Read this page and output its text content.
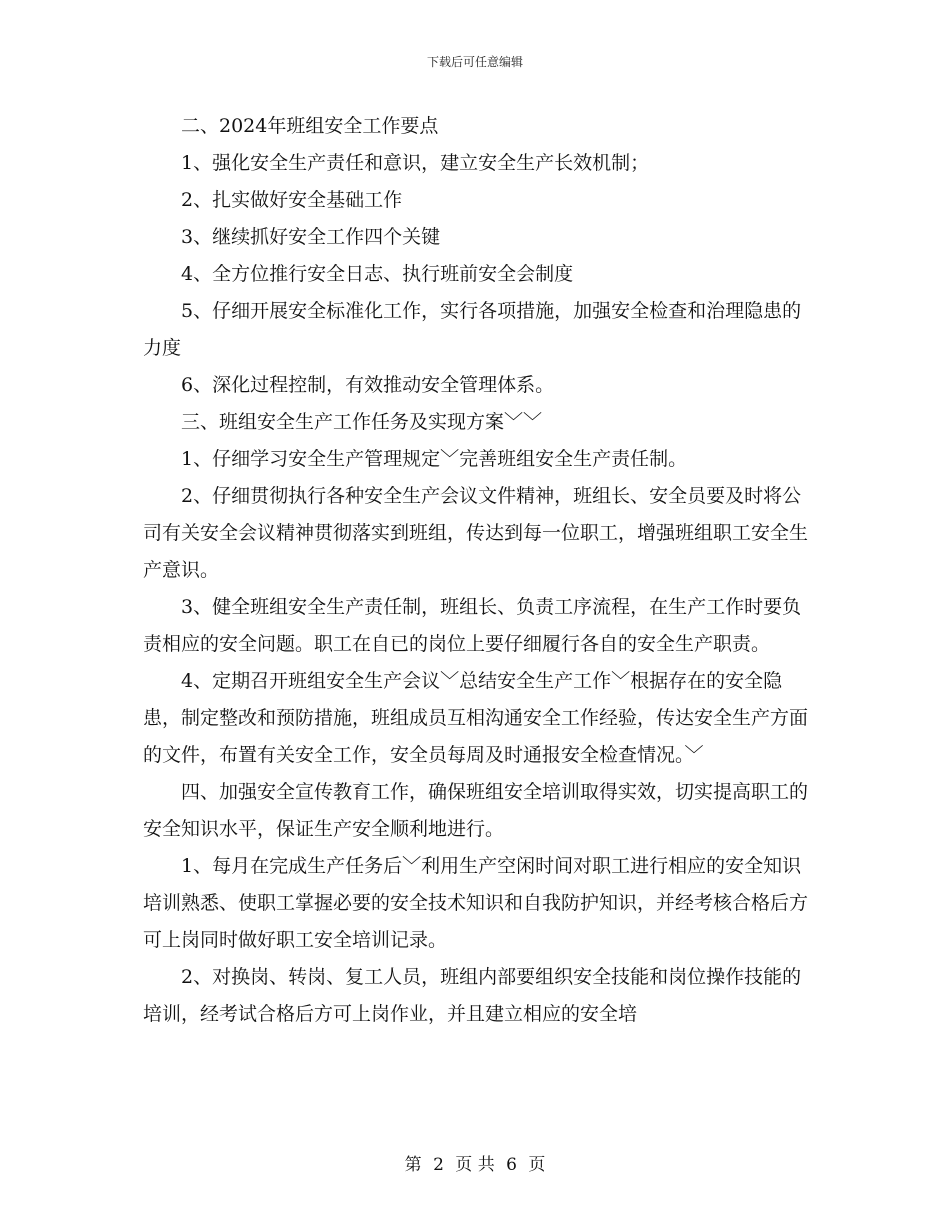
下载后可任意编辑

二、2024年班组安全工作要点

1、强化安全生产责任和意识，建立安全生产长效机制；

2、扎实做好安全基础工作

3、继续抓好安全工作四个关键

4、全方位推行安全日志、执行班前安全会制度

5、仔细开展安全标准化工作，实行各项措施，加强安全检查和治理隐患的力度

6、深化过程控制，有效推动安全管理体系。

三、班组安全生产工作任务及实现方案﹀﹀

1、仔细学习安全生产管理规定﹀完善班组安全生产责任制。

2、仔细贯彻执行各种安全生产会议文件精神，班组长、安全员要及时将公司有关安全会议精神贯彻落实到班组，传达到每一位职工，增强班组职工安全生产意识。

3、健全班组安全生产责任制，班组长、负责工序流程，在生产工作时要负责相应的安全问题。职工在自已的岗位上要仔细履行各自的安全生产职责。

4、定期召开班组安全生产会议﹀总结安全生产工作﹀根据存在的安全隐患，制定整改和预防措施，班组成员互相沟通安全工作经验，传达安全生产方面的文件，布置有关安全工作，安全员每周及时通报安全检查情况。﹀

四、加强安全宣传教育工作，确保班组安全培训取得实效，切实提高职工的安全知识水平，保证生产安全顺利地进行。

1、每月在完成生产任务后﹀利用生产空闲时间对职工进行相应的安全知识培训熟悉、使职工掌握必要的安全技术知识和自我防护知识，并经考核合格后方可上岗同时做好职工安全培训记录。

2、对换岗、转岗、复工人员，班组内部要组织安全技能和岗位操作技能的培训，经考试合格后方可上岗作业，并且建立相应的安全培

第 2 页 共 6 页
